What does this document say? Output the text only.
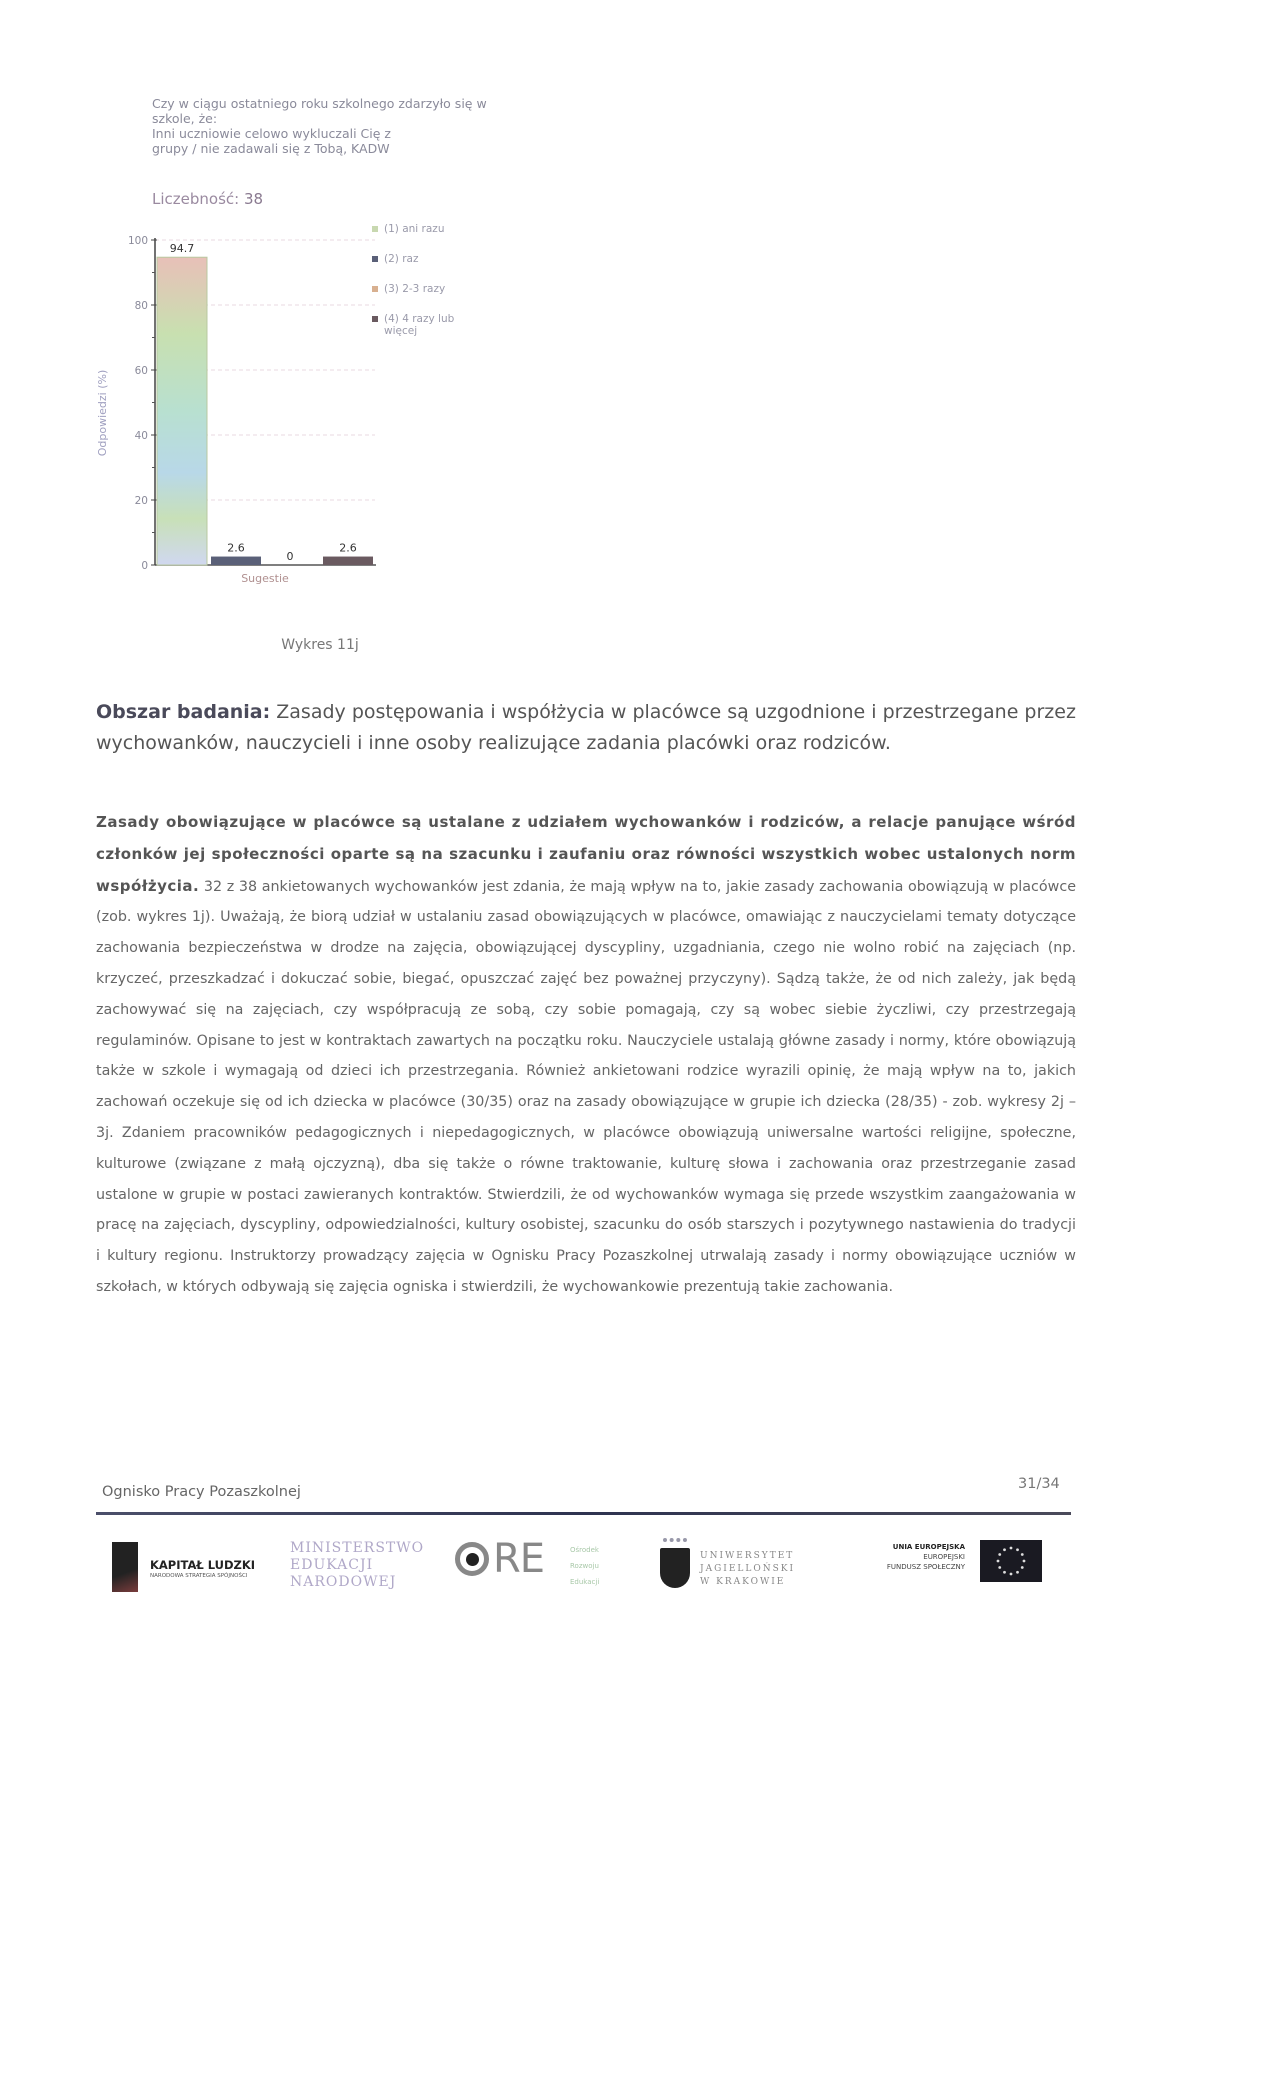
Czy w ciągu ostatniego roku szkolnego zdarzyło się w
szkole, że:
Inni uczniowie celowo wykluczali Cię z
grupy / nie zadawali się z Tobą, KADW
Liczebność: 38
0
20
40
60
80
100
94.7
2.6
0
2.6
(1) ani razu
(2) raz
(3) 2-3 razy
(4) 4 razy lub
więcej
Sugestie
Odpowiedzi (%)
Wykres 11j
Obszar badania: Zasady postępowania i współżycia w placówce są uzgodnione i przestrzegane przez wychowanków, nauczycieli i inne osoby realizujące zadania placówki oraz rodziców.
Zasady obowiązujące w placówce są ustalane z udziałem wychowanków i rodziców, a relacje panujące wśród członków jej społeczności oparte są na szacunku i zaufaniu oraz równości wszystkich wobec ustalonych norm współżycia. 32 z 38 ankietowanych wychowanków jest zdania, że mają wpływ na to, jakie zasady zachowania obowiązują w placówce (zob. wykres 1j). Uważają, że biorą udział w ustalaniu zasad obowiązujących w placówce, omawiając z nauczycielami tematy dotyczące zachowania bezpieczeństwa w drodze na zajęcia, obowiązującej dyscypliny, uzgadniania, czego nie wolno robić na zajęciach (np. krzyczeć, przeszkadzać i dokuczać sobie, biegać, opuszczać zajęć bez poważnej przyczyny). Sądzą także, że od nich zależy, jak będą zachowywać się na zajęciach, czy współpracują ze sobą, czy sobie pomagają, czy są wobec siebie życzliwi, czy przestrzegają regulaminów. Opisane to jest w kontraktach zawartych na początku roku. Nauczyciele ustalają główne zasady i normy, które obowiązują także w szkole i wymagają od dzieci ich przestrzegania. Również ankietowani rodzice wyrazili opinię, że mają wpływ na to, jakich zachowań oczekuje się od ich dziecka w placówce (30/35) oraz na zasady obowiązujące w grupie ich dziecka (28/35) - zob. wykresy 2j – 3j. Zdaniem pracowników pedagogicznych i niepedagogicznych, w placówce obowiązują uniwersalne wartości religijne, społeczne, kulturowe (związane z małą ojczyzną), dba się także o równe traktowanie, kulturę słowa i zachowania oraz przestrzeganie zasad ustalone w grupie w postaci zawieranych kontraktów. Stwierdzili, że od wychowanków wymaga się przede wszystkim zaangażowania w pracę na zajęciach, dyscypliny, odpowiedzialności, kultury osobistej, szacunku do osób starszych i pozytywnego nastawienia do tradycji i kultury regionu. Instruktorzy prowadzący zajęcia w Ognisku Pracy Pozaszkolnej utrwalają zasady i normy obowiązujące uczniów w szkołach, w których odbywają się zajęcia ogniska i stwierdzili, że wychowankowie prezentują takie zachowania.
Ognisko Pracy Pozaszkolnej	31/34
KAPITAŁ LUDZKI
NARODOWA STRATEGIA SPÓJNOŚCI
MINISTERSTWO
EDUKACJI
NARODOWEJ	RE	Ośrodek
Rozwoju
Edukacji
UNIWERSYTET
JAGIELLOŃSKI
W KRAKOWIE
UNIA EUROPEJSKA
EUROPEJSKI
FUNDUSZ SPOŁECZNY
